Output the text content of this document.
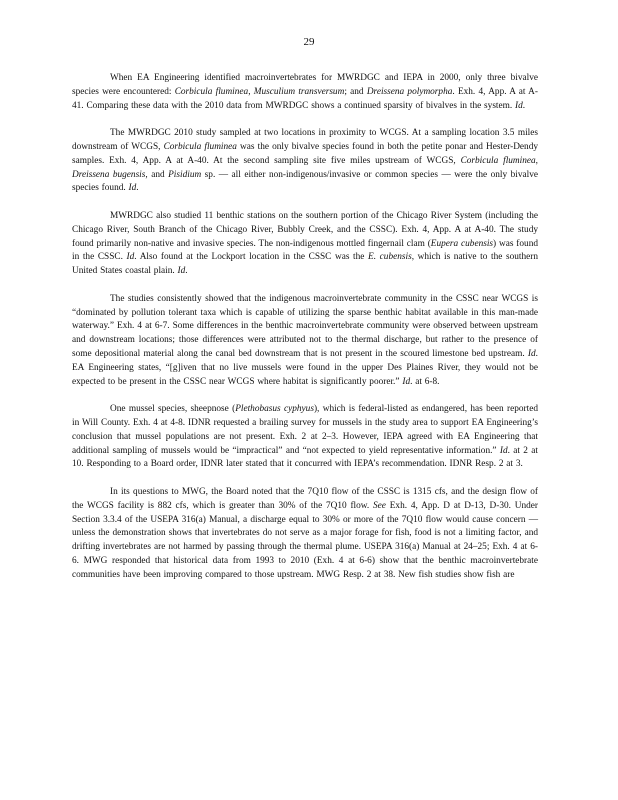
29

When EA Engineering identified macroinvertebrates for MWRDGC and IEPA in 2000, only three bivalve species were encountered: Corbicula fluminea, Musculium transversum; and Dreissena polymorpha. Exh. 4, App. A at A-41. Comparing these data with the 2010 data from MWRDGC shows a continued sparsity of bivalves in the system. Id.

The MWRDGC 2010 study sampled at two locations in proximity to WCGS. At a sampling location 3.5 miles downstream of WCGS, Corbicula fluminea was the only bivalve species found in both the petite ponar and Hester-Dendy samples. Exh. 4, App. A at A-40. At the second sampling site five miles upstream of WCGS, Corbicula fluminea, Dreissena bugensis, and Pisidium sp. — all either non-indigenous/invasive or common species — were the only bivalve species found. Id.

MWRDGC also studied 11 benthic stations on the southern portion of the Chicago River System (including the Chicago River, South Branch of the Chicago River, Bubbly Creek, and the CSSC). Exh. 4, App. A at A-40. The study found primarily non-native and invasive species. The non-indigenous mottled fingernail clam (Eupera cubensis) was found in the CSSC. Id. Also found at the Lockport location in the CSSC was the E. cubensis, which is native to the southern United States coastal plain. Id.

The studies consistently showed that the indigenous macroinvertebrate community in the CSSC near WCGS is “dominated by pollution tolerant taxa which is capable of utilizing the sparse benthic habitat available in this man-made waterway.” Exh. 4 at 6-7. Some differences in the benthic macroinvertebrate community were observed between upstream and downstream locations; those differences were attributed not to the thermal discharge, but rather to the presence of some depositional material along the canal bed downstream that is not present in the scoured limestone bed upstream. Id. EA Engineering states, “[g]iven that no live mussels were found in the upper Des Plaines River, they would not be expected to be present in the CSSC near WCGS where habitat is significantly poorer.” Id. at 6-8.

One mussel species, sheepnose (Plethobasus cyphyus), which is federal-listed as endangered, has been reported in Will County. Exh. 4 at 4-8. IDNR requested a brailing survey for mussels in the study area to support EA Engineering’s conclusion that mussel populations are not present. Exh. 2 at 2–3. However, IEPA agreed with EA Engineering that additional sampling of mussels would be “impractical” and “not expected to yield representative information.” Id. at 2 at 10. Responding to a Board order, IDNR later stated that it concurred with IEPA’s recommendation. IDNR Resp. 2 at 3.

In its questions to MWG, the Board noted that the 7Q10 flow of the CSSC is 1315 cfs, and the design flow of the WCGS facility is 882 cfs, which is greater than 30% of the 7Q10 flow. See Exh. 4, App. D at D-13, D-30. Under Section 3.3.4 of the USEPA 316(a) Manual, a discharge equal to 30% or more of the 7Q10 flow would cause concern — unless the demonstration shows that invertebrates do not serve as a major forage for fish, food is not a limiting factor, and drifting invertebrates are not harmed by passing through the thermal plume. USEPA 316(a) Manual at 24–25; Exh. 4 at 6-6. MWG responded that historical data from 1993 to 2010 (Exh. 4 at 6-6) show that the benthic macroinvertebrate communities have been improving compared to those upstream. MWG Resp. 2 at 38. New fish studies show fish are
